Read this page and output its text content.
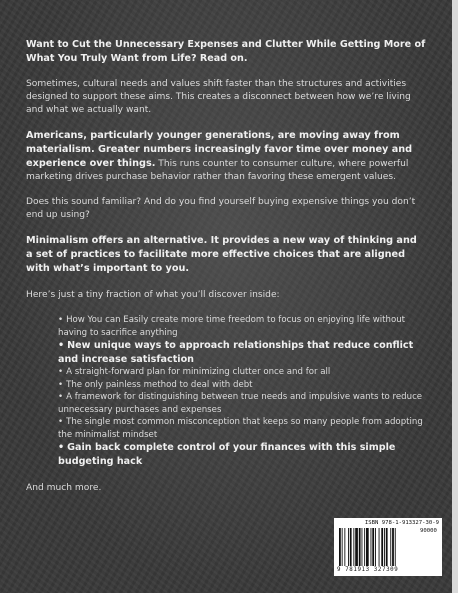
Want to Cut the Unnecessary Expenses and Clutter While Getting More of What You Truly Want from Life? Read on.

Sometimes, cultural needs and values shift faster than the structures and activities designed to support these aims. This creates a disconnect between how we’re living and what we actually want.

Americans, particularly younger generations, are moving away from materialism. Greater numbers increasingly favor time over money and experience over things. This runs counter to consumer culture, where powerful marketing drives purchase behavior rather than favoring these emergent values.

Does this sound familiar? And do you find yourself buying expensive things you don’t end up using?

Minimalism offers an alternative. It provides a new way of thinking and a set of practices to facilitate more effective choices that are aligned with what’s important to you.

Here’s just a tiny fraction of what you’ll discover inside:

• How You can Easily create more time freedom to focus on enjoying life without having to sacrifice anything
• New unique ways to approach relationships that reduce conflict and increase satisfaction
• A straight-forward plan for minimizing clutter once and for all
• The only painless method to deal with debt
• A framework for distinguishing between true needs and impulsive wants to reduce unnecessary purchases and expenses
• The single most common misconception that keeps so many people from adopting the minimalist mindset
• Gain back complete control of your finances with this simple budgeting hack

And much more.

ISBN 978-1-913327-30-9
90000
9 781913 327309
